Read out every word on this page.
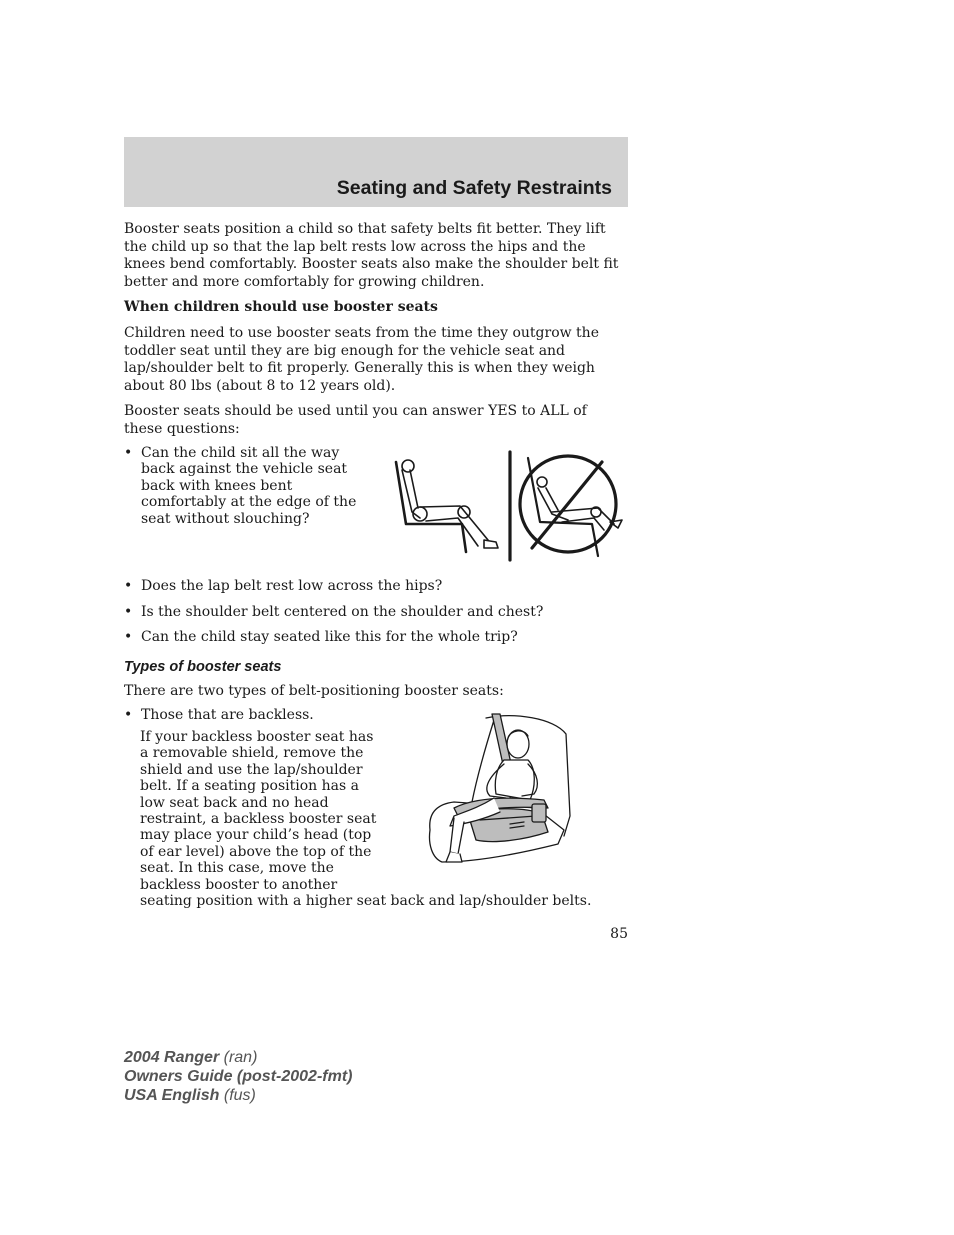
Seating and Safety Restraints

Booster seats position a child so that safety belts fit better. They lift the child up so that the lap belt rests low across the hips and the knees bend comfortably. Booster seats also make the shoulder belt fit better and more comfortably for growing children.

When children should use booster seats

Children need to use booster seats from the time they outgrow the toddler seat until they are big enough for the vehicle seat and lap/shoulder belt to fit properly. Generally this is when they weigh about 80 lbs (about 8 to 12 years old).

Booster seats should be used until you can answer YES to ALL of these questions:

• Can the child sit all the way back against the vehicle seat back with knees bent comfortably at the edge of the seat without slouching?
• Does the lap belt rest low across the hips?
• Is the shoulder belt centered on the shoulder and chest?
• Can the child stay seated like this for the whole trip?
Types of booster seats

There are two types of belt-positioning booster seats:

• Those that are backless.

If your backless booster seat has a removable shield, remove the shield and use the lap/shoulder belt. If a seating position has a low seat back and no head restraint, a backless booster seat may place your child’s head (top of ear level) above the top of the seat. In this case, move the backless booster to another

seating position with a higher seat back and lap/shoulder belts.

85

2004 Ranger (ran)
Owners Guide (post-2002-fmt)
USA English (fus)
